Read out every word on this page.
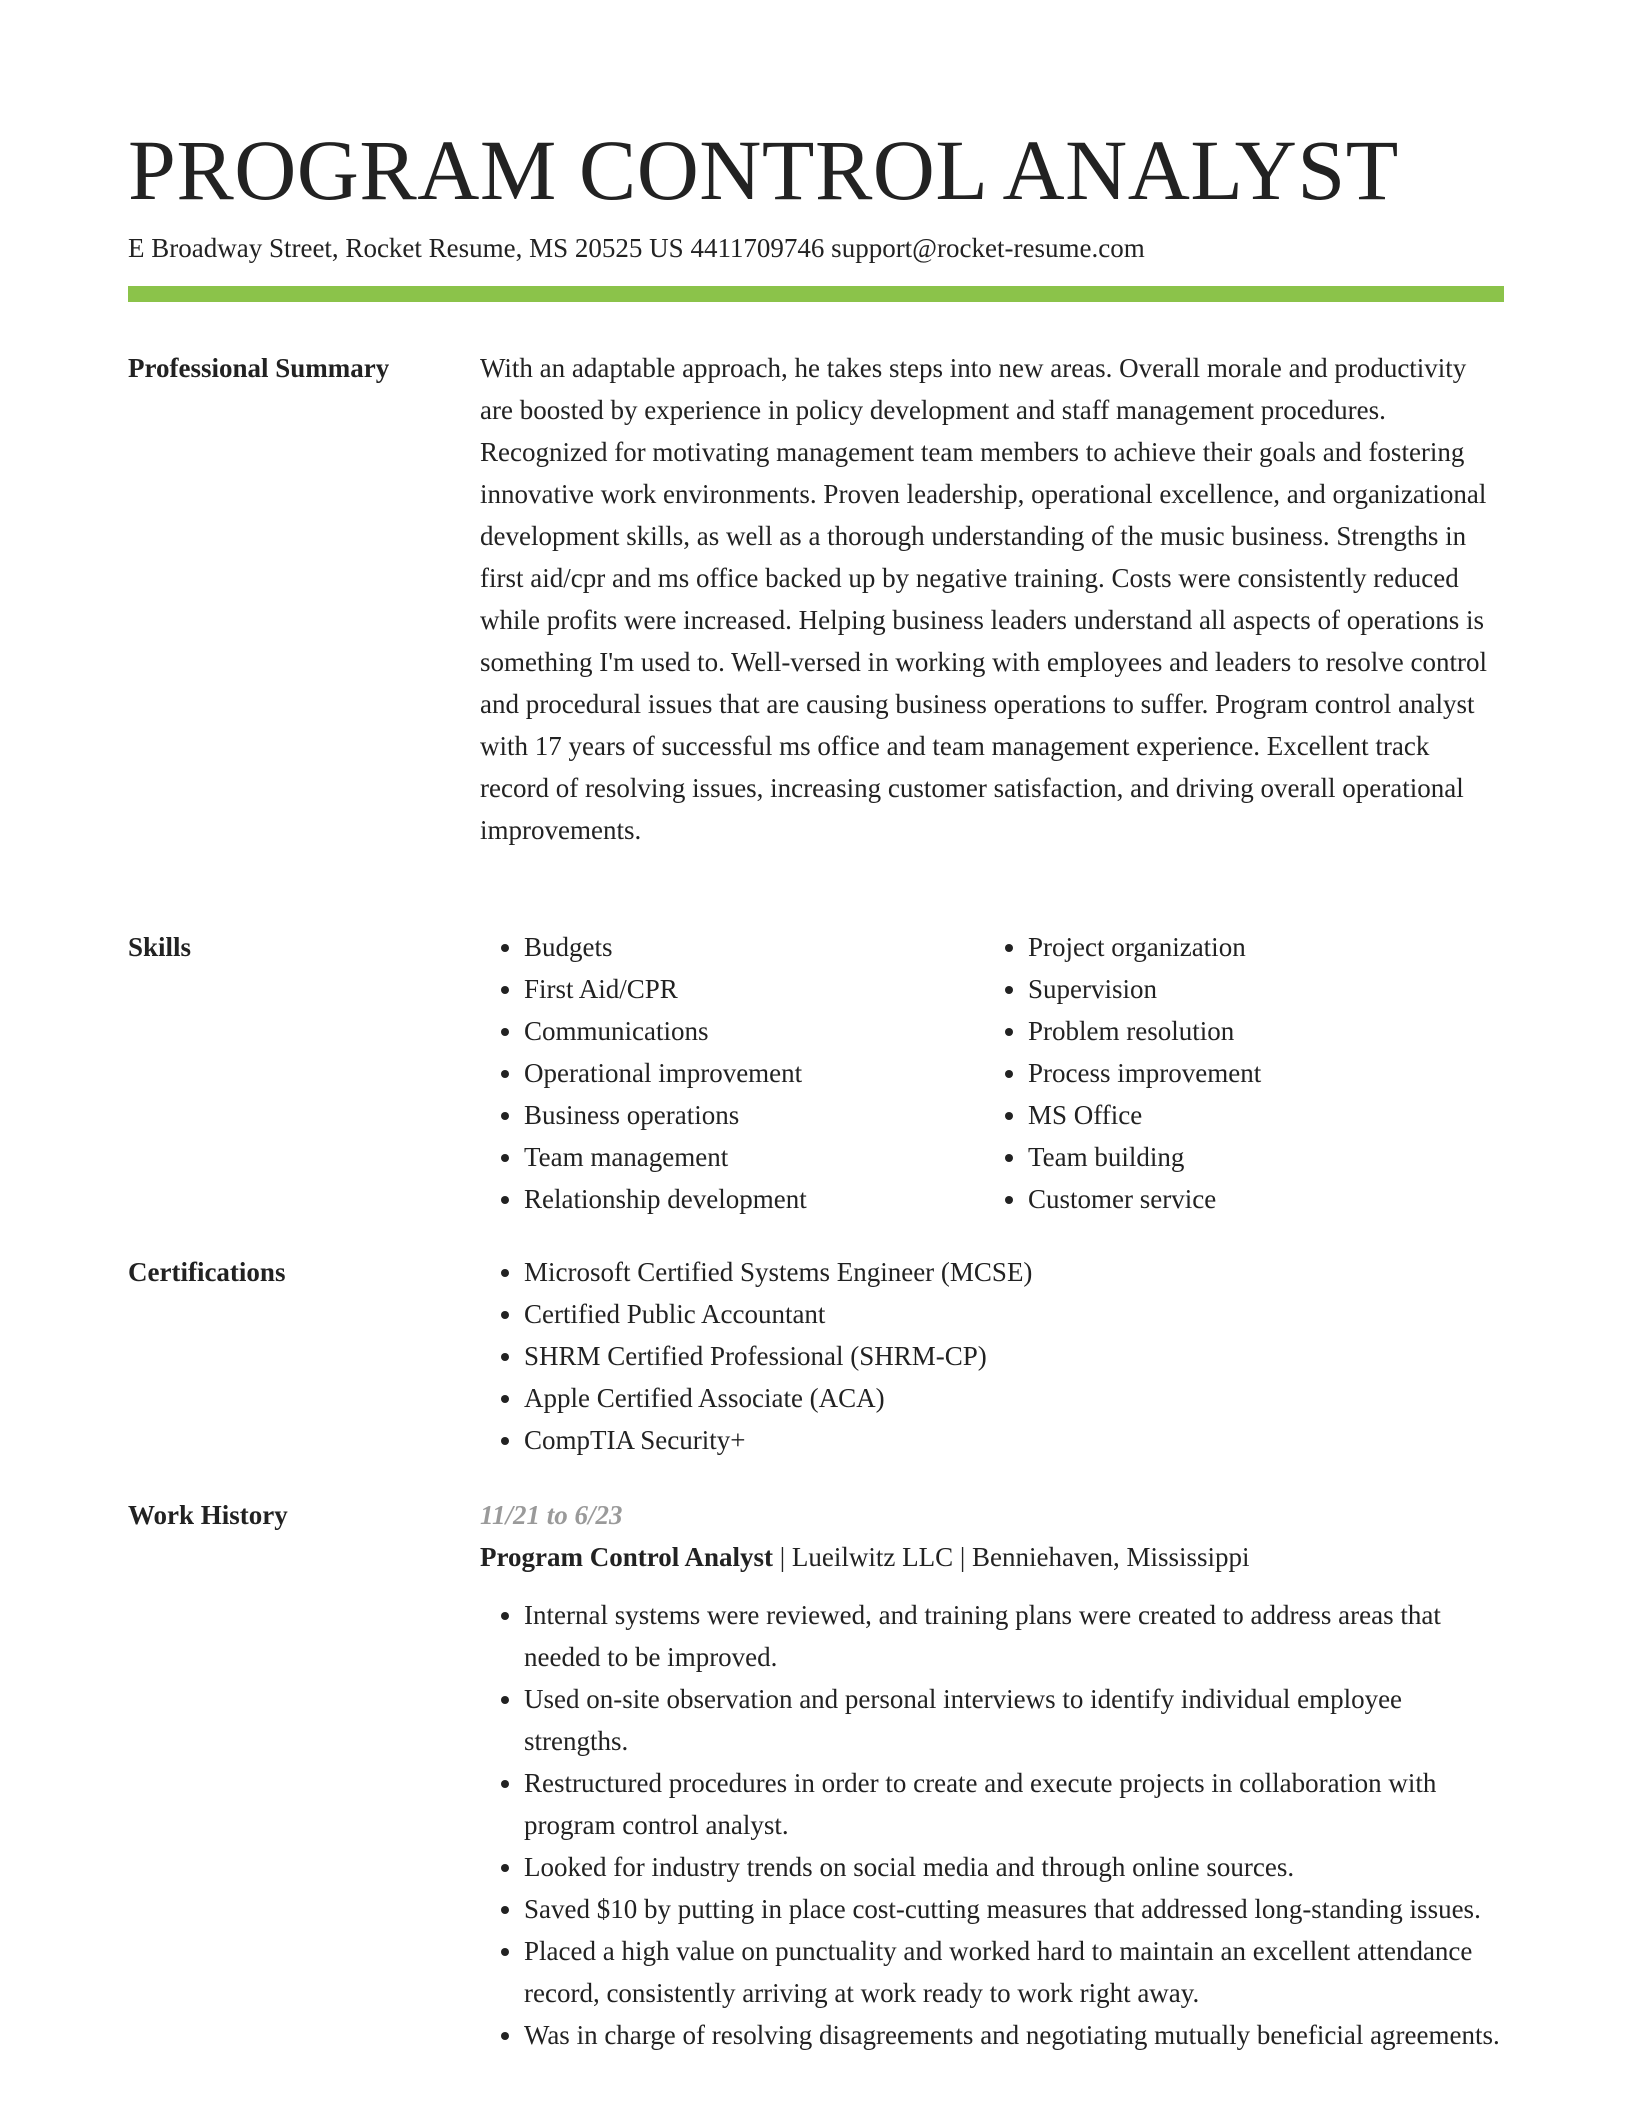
PROGRAM CONTROL ANALYST
E Broadway Street, Rocket Resume, MS 20525 US 4411709746 support@rocket-resume.com
Professional Summary	With an adaptable approach, he takes steps into new areas. Overall morale and productivity are boosted by experience in policy development and staff management procedures. Recognized for motivating management team members to achieve their goals and fostering innovative work environments. Proven leadership, operational excellence, and organizational development skills, as well as a thorough understanding of the music business. Strengths in first aid/cpr and ms office backed up by negative training. Costs were consistently reduced while profits were increased. Helping business leaders understand all aspects of operations is something I'm used to. Well-versed in working with employees and leaders to resolve control and procedural issues that are causing business operations to suffer. Program control analyst with 17 years of successful ms office and team management experience. Excellent track record of resolving issues, increasing customer satisfaction, and driving overall operational improvements.

Skills	• Budgets
• First Aid/CPR
• Communications
• Operational improvement
• Business operations
• Team management
• Relationship development
• Project organization
• Supervision
• Problem resolution
• Process improvement
• MS Office
• Team building
• Customer service
Certifications	• Microsoft Certified Systems Engineer (MCSE)
• Certified Public Accountant
• SHRM Certified Professional (SHRM-CP)
• Apple Certified Associate (ACA)
• CompTIA Security+
Work History	11/21 to 6/23
Program Control Analyst | Lueilwitz LLC | Benniehaven, Mississippi
• Internal systems were reviewed, and training plans were created to address areas that needed to be improved.
• Used on-site observation and personal interviews to identify individual employee strengths.
• Restructured procedures in order to create and execute projects in collaboration with program control analyst.
• Looked for industry trends on social media and through online sources.
• Saved $10 by putting in place cost-cutting measures that addressed long-standing issues.
• Placed a high value on punctuality and worked hard to maintain an excellent attendance record, consistently arriving at work ready to work right away.
• Was in charge of resolving disagreements and negotiating mutually beneficial agreements.
